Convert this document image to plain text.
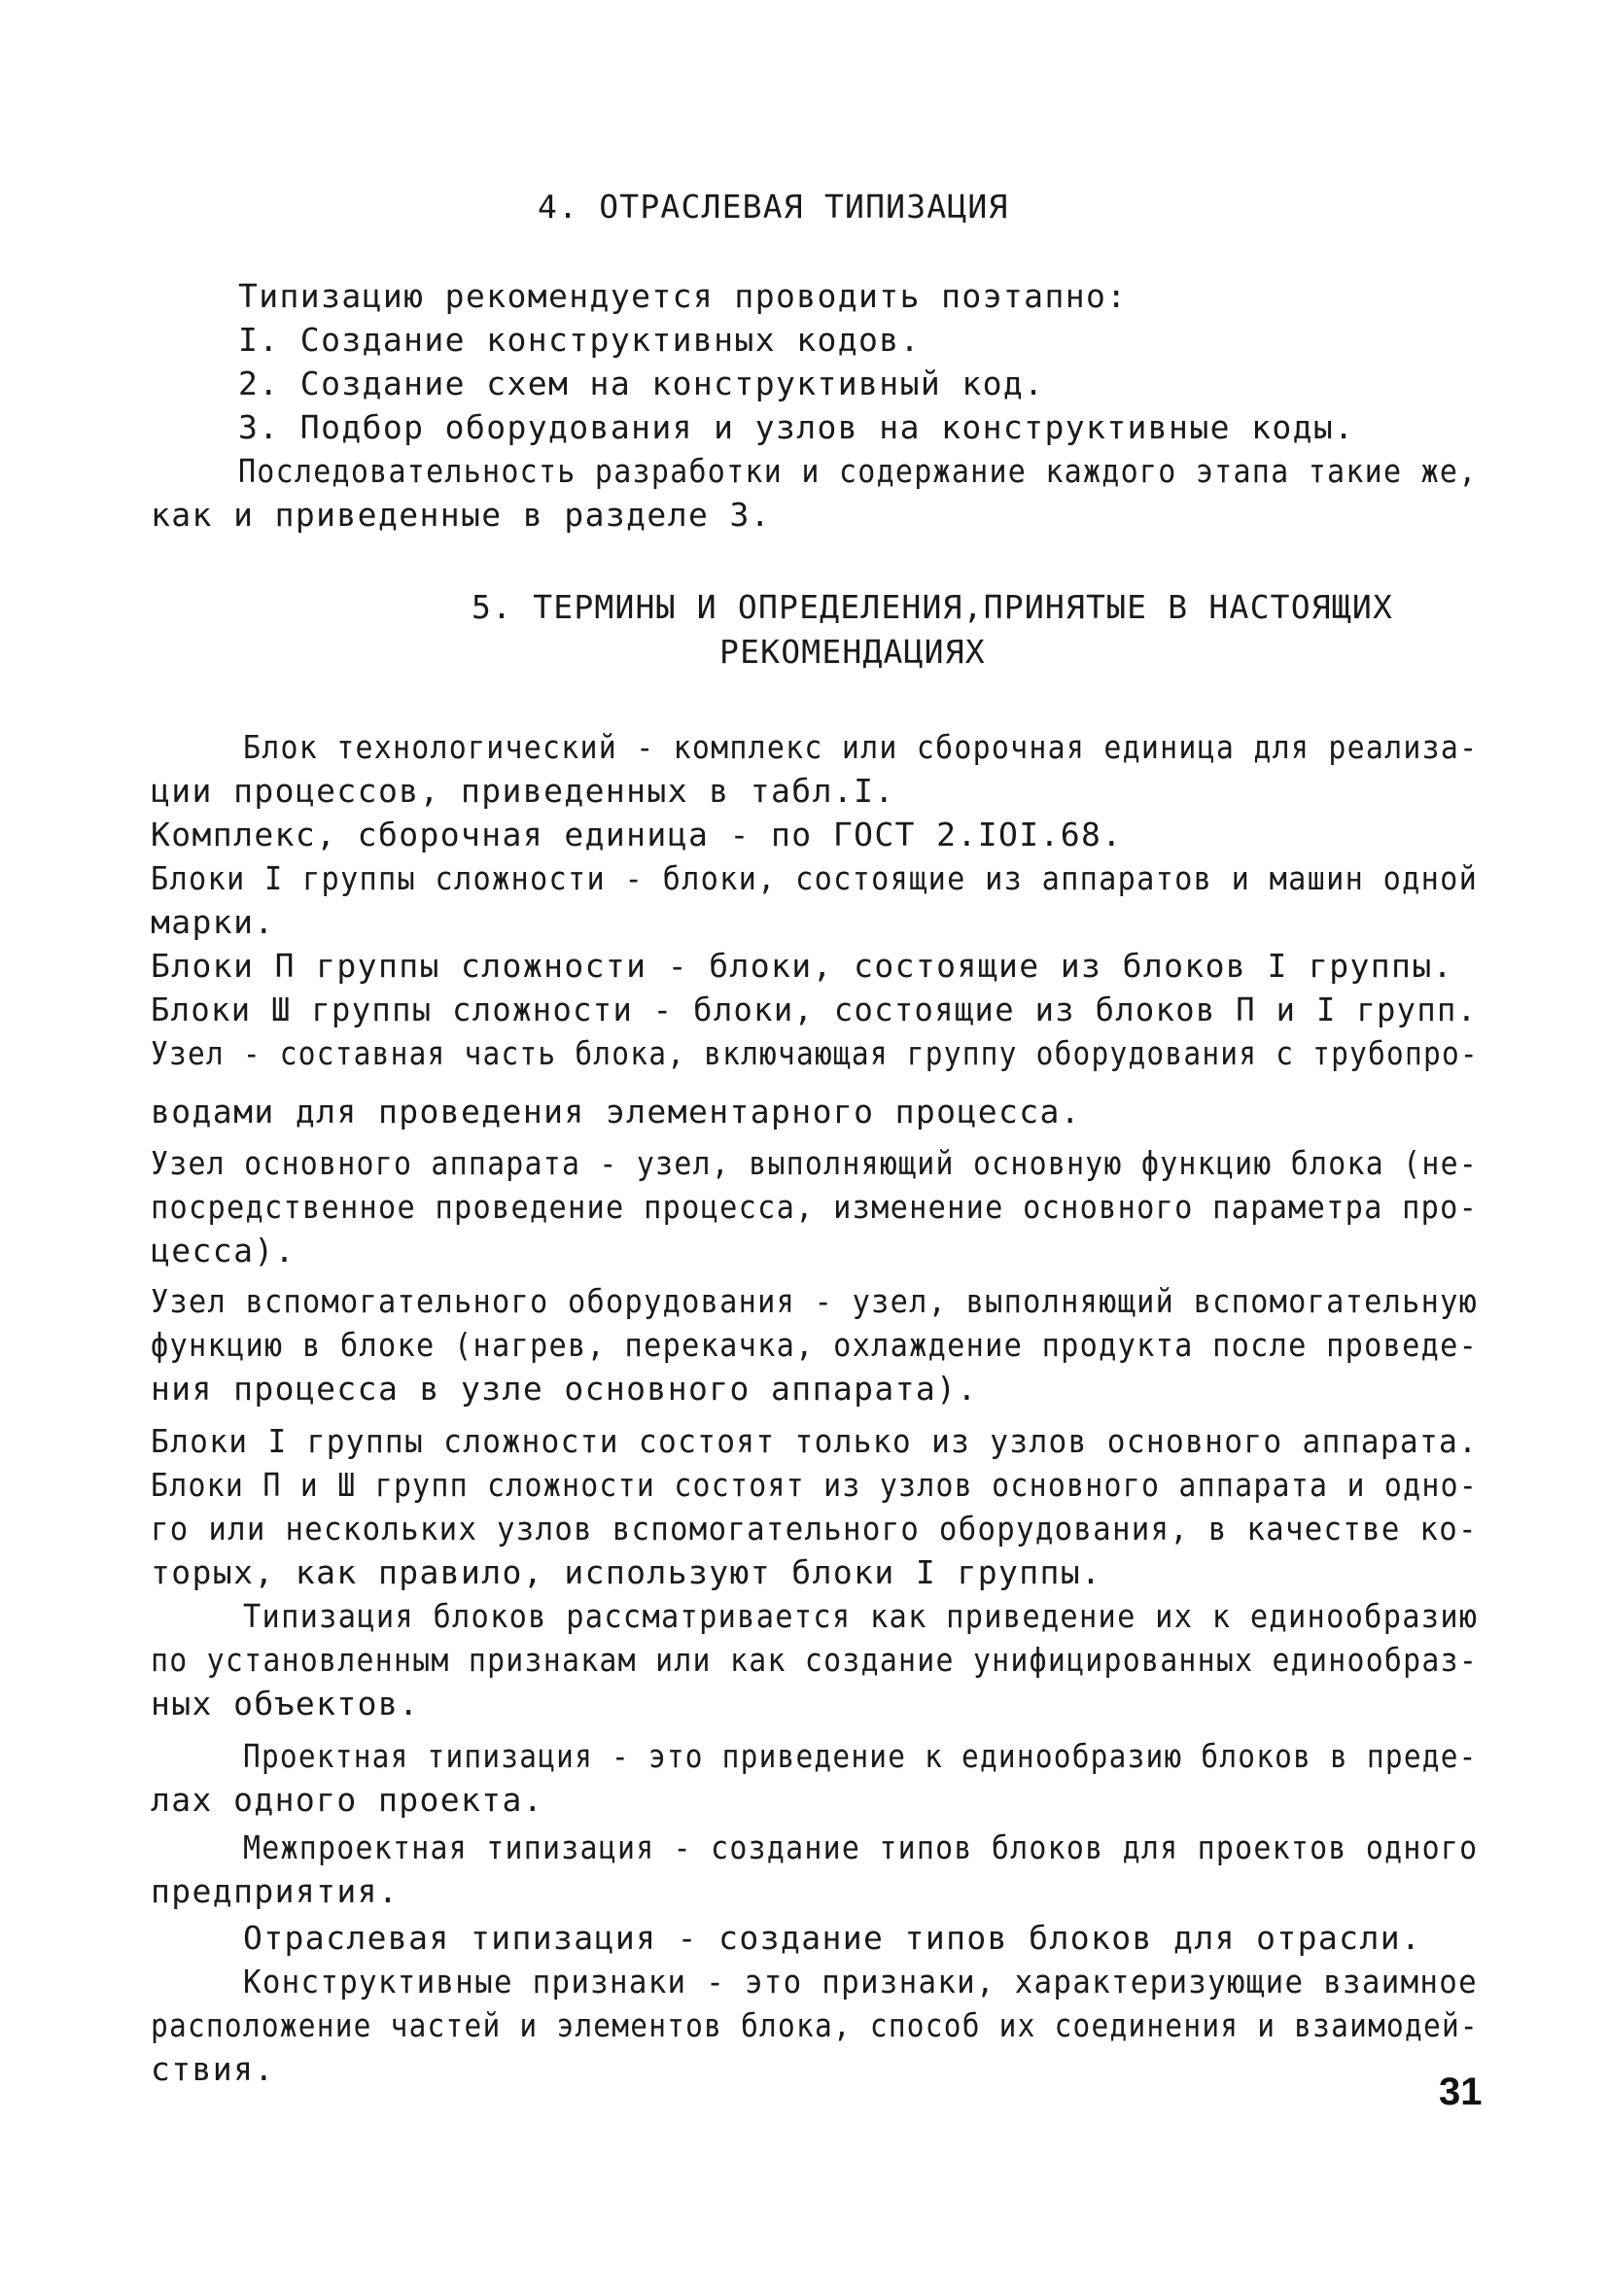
4. ОТРАСЛЕВАЯ ТИПИЗАЦИЯ
Типизацию рекомендуется проводить поэтапно:
I. Создание конструктивных кодов.
2. Создание схем на конструктивный код.
3. Подбор оборудования и узлов на конструктивные коды.
Последовательность разработки и содержание каждого этапа такие же,
как и приведенные в разделе 3.
5. ТЕРМИНЫ И ОПРЕДЕЛЕНИЯ,ПРИНЯТЫЕ В НАСТОЯЩИХ
РЕКОМЕНДАЦИЯХ
Блок технологический - комплекс или сборочная единица для реализа-
ции процессов, приведенных в табл.I.
Комплекс, сборочная единица - по ГОСТ 2.IOI.68.
Блоки I группы сложности - блоки, состоящие из аппаратов и машин одной
марки.
Блоки П группы сложности - блоки, состоящие из блоков I группы.
Блоки Ш группы сложности - блоки, состоящие из блоков П и I групп.
Узел - составная часть блока, включающая группу оборудования с трубопро-
водами для проведения элементарного процесса.
Узел основного аппарата - узел, выполняющий основную функцию блока (не-
посредственное проведение процесса, изменение основного параметра про-
цесса).
Узел вспомогательного оборудования - узел, выполняющий вспомогательную
функцию в блоке (нагрев, перекачка, охлаждение продукта после проведе-
ния процесса в узле основного аппарата).
Блоки I группы сложности состоят только из узлов основного аппарата.
Блоки П и Ш групп сложности состоят из узлов основного аппарата и одно-
го или нескольких узлов вспомогательного оборудования, в качестве ко-
торых, как правило, используют блоки I группы.
Типизация блоков рассматривается как приведение их к единообразию
по установленным признакам или как создание унифицированных единообраз-
ных объектов.
Проектная типизация - это приведение к единообразию блоков в преде-
лах одного проекта.
Межпроектная типизация - создание типов блоков для проектов одного
предприятия.
Отраслевая типизация - создание типов блоков для отрасли.
Конструктивные признаки - это признаки, характеризующие взаимное
расположение частей и элементов блока, способ их соединения и взаимодей-
ствия.
31
